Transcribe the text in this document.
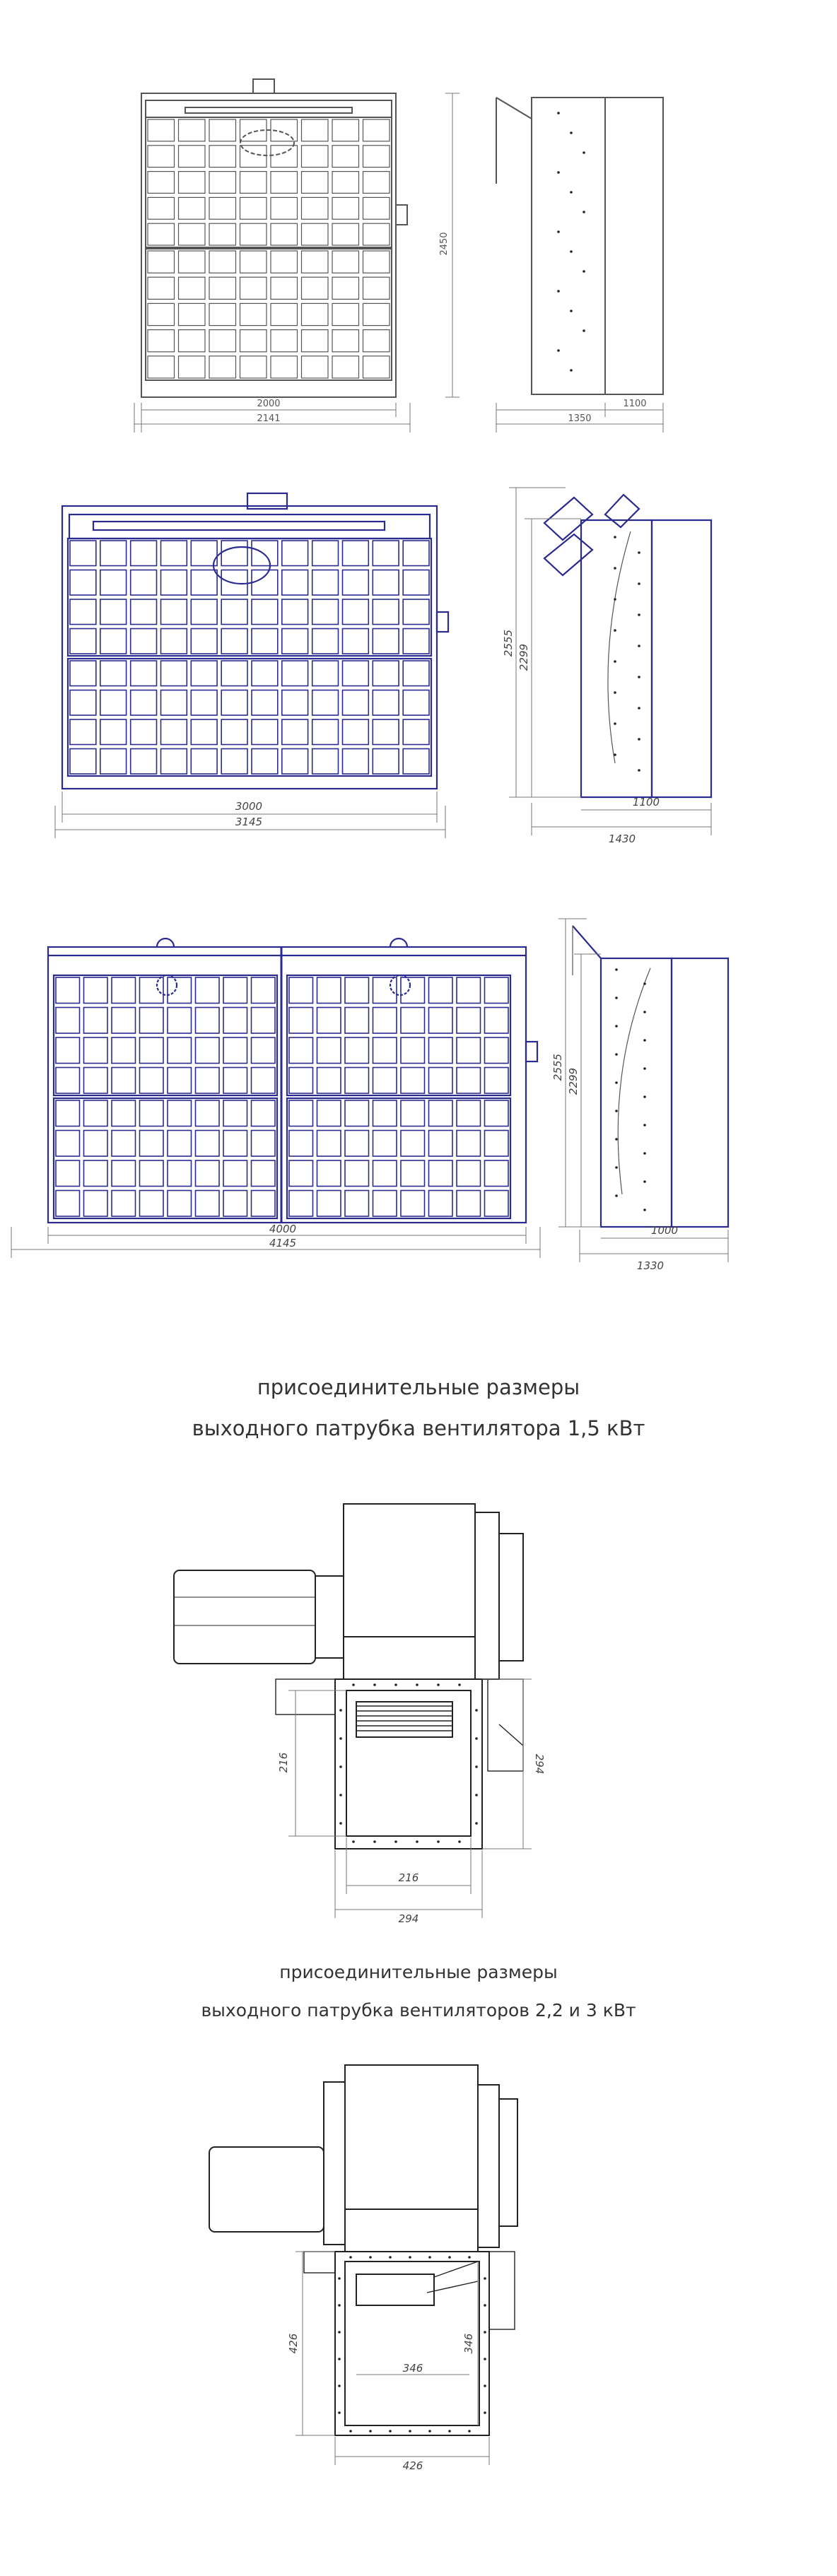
2000
2141
2450
1100
1350
3000
3145
2555
2299
1100
1430
4000
4145
2555
2299
1000
1330
216	294
216
294
426	346
346
426
присоединительные размеры
выходного патрубка вентилятора 1,5 кВт
присоединительные размеры
выходного патрубка вентиляторов 2,2 и 3 кВт
